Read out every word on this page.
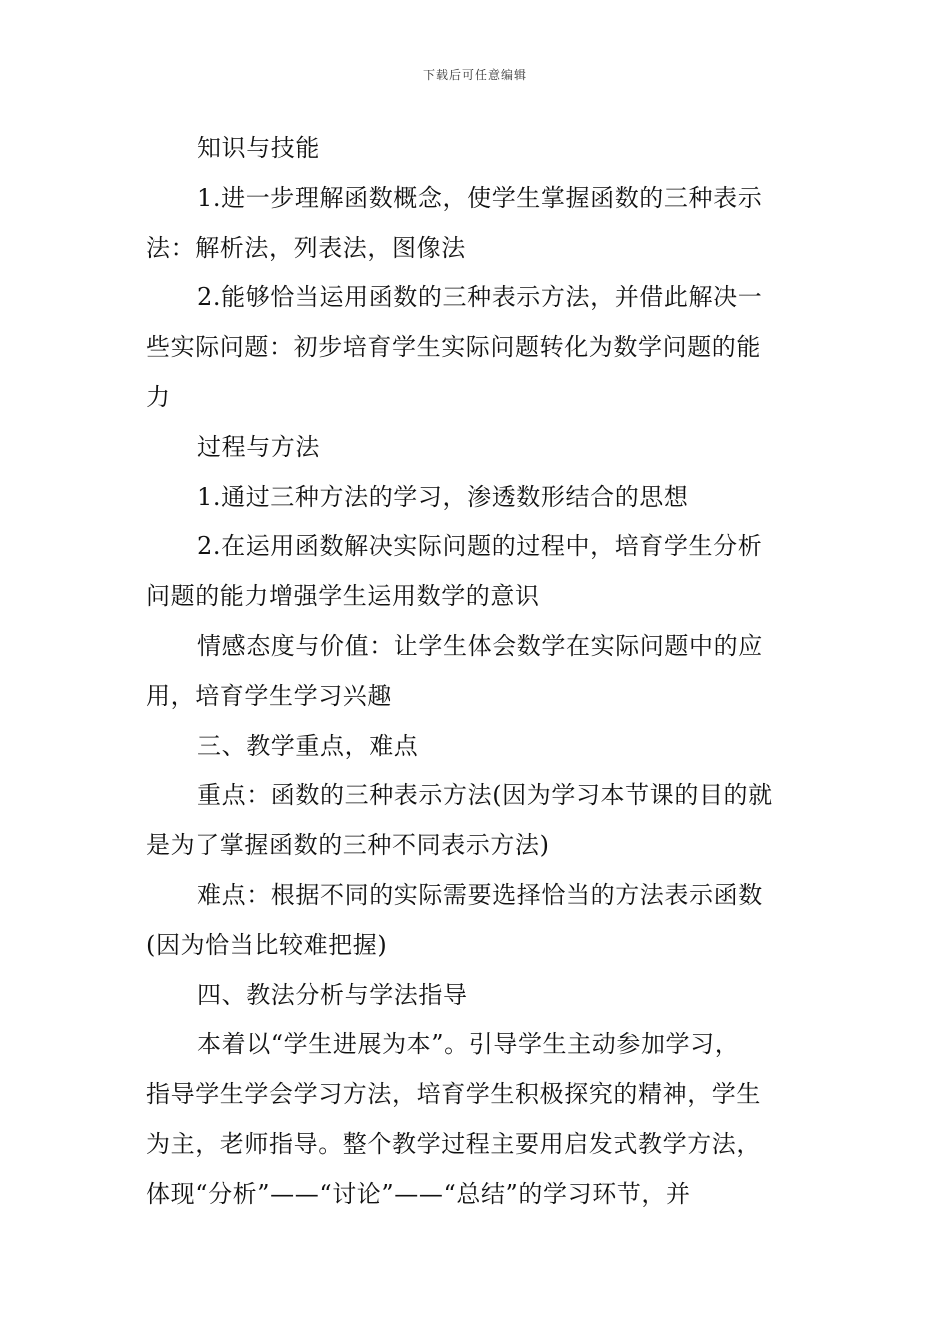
下载后可任意编辑

知识与技能

1.进一步理解函数概念，使学生掌握函数的三种表示
法：解析法，列表法，图像法

2.能够恰当运用函数的三种表示方法，并借此解决一
些实际问题：初步培育学生实际问题转化为数学问题的能
力

过程与方法

1.通过三种方法的学习，渗透数形结合的思想

2.在运用函数解决实际问题的过程中，培育学生分析
问题的能力增强学生运用数学的意识

情感态度与价值：让学生体会数学在实际问题中的应
用，培育学生学习兴趣

三、教学重点，难点

重点：函数的三种表示方法(因为学习本节课的目的就
是为了掌握函数的三种不同表示方法)

难点：根据不同的实际需要选择恰当的方法表示函数
(因为恰当比较难把握)

四、教法分析与学法指导

本着以“学生进展为本”。引导学生主动参加学习，
指导学生学会学习方法，培育学生积极探究的精神，学生
为主，老师指导。整个教学过程主要用启发式教学方法，
体现“分析”——“讨论”——“总结”的学习环节，并
